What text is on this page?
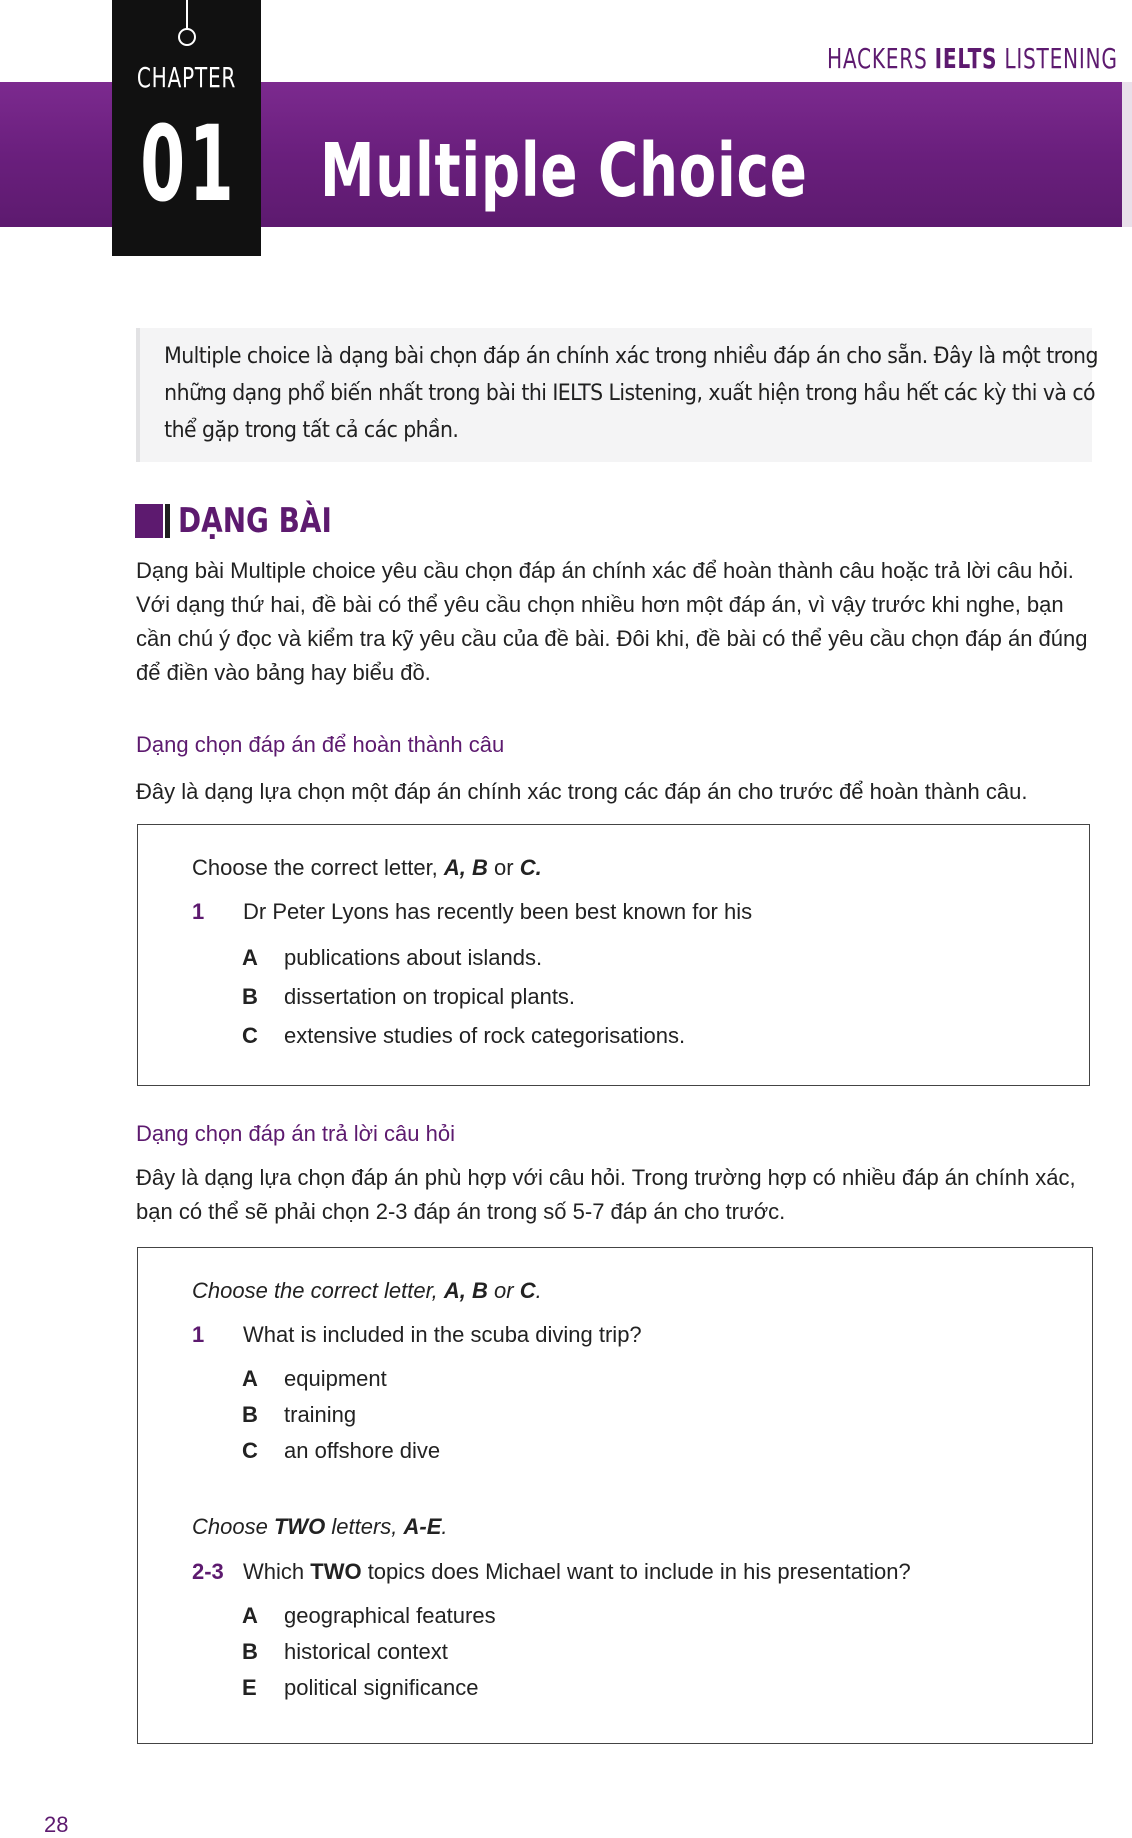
CHAPTER
01
HACKERS IELTS LISTENING
Multiple Choice

Multiple choice là dạng bài chọn đáp án chính xác trong nhiều đáp án cho sẵn. Đây là một trong những dạng phổ biến nhất trong bài thi IELTS Listening, xuất hiện trong hầu hết các kỳ thi và có thể gặp trong tất cả các phần.

DẠNG BÀI
Dạng bài Multiple choice yêu cầu chọn đáp án chính xác để hoàn thành câu hoặc trả lời câu hỏi. Với dạng thứ hai, đề bài có thể yêu cầu chọn nhiều hơn một đáp án, vì vậy trước khi nghe, bạn cần chú ý đọc và kiểm tra kỹ yêu cầu của đề bài. Đôi khi, đề bài có thể yêu cầu chọn đáp án đúng để điền vào bảng hay biểu đồ.
Dạng chọn đáp án để hoàn thành câu
Đây là dạng lựa chọn một đáp án chính xác trong các đáp án cho trước để hoàn thành câu.
Choose the correct letter, A, B or C.
1 Dr Peter Lyons has recently been best known for his
A publications about islands.
B dissertation on tropical plants.
C extensive studies of rock categorisations.
Dạng chọn đáp án trả lời câu hỏi
Đây là dạng lựa chọn đáp án phù hợp với câu hỏi. Trong trường hợp có nhiều đáp án chính xác, bạn có thể sẽ phải chọn 2-3 đáp án trong số 5-7 đáp án cho trước.
Choose the correct letter, A, B or C.
1 What is included in the scuba diving trip?
A equipment
B training
C an offshore dive
Choose TWO letters, A-E.
2-3 Which TWO topics does Michael want to include in his presentation?
A geographical features
B historical context
E political significance
28
